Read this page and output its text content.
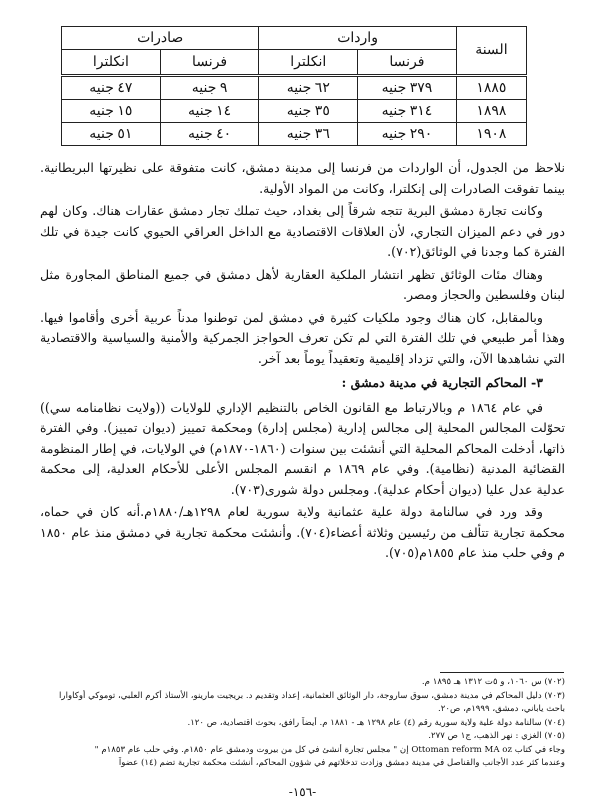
السنة	واردات		صادرات	
	فرنسا	انكلترا	فرنسا	انكلترا
١٨٨٥	٣٧٩ جنيه	٦٢ جنيه	٩ جنيه	٤٧ جنيه
١٨٩٨	٣١٤ جنيه	٣٥ جنيه	١٤ جنيه	١٥ جنيه
١٩٠٨	٢٩٠ جنيه	٣٦ جنيه	٤٠ جنيه	٥١ جنيه

نلاحظ من الجدول، أن الواردات من فرنسا إلى مدينة دمشق، كانت متفوقة على نظيرتها البريطانية. بينما تفوقت الصادرات إلى إنكلترا، وكانت من المواد الأولية.

وكانت تجارة دمشق البرية تتجه شرقاً إلى بغداد، حيث تملك تجار دمشق عقارات هناك. وكان لهم دور في دعم الميزان التجاري، لأن العلاقات الاقتصادية مع الداخل العراقي الحيوي كانت جيدة في تلك الفترة كما وجدنا في الوثائق(٧٠٢).

وهناك مئات الوثائق تظهر انتشار الملكية العقارية لأهل دمشق في جميع المناطق المجاورة مثل لبنان وفلسطين والحجاز ومصر.

وبالمقابل، كان هناك وجود ملكيات كثيرة في دمشق لمن توطنوا مدناً عربية أخرى وأقاموا فيها. وهذا أمر طبيعي في تلك الفترة التي لم تكن تعرف الحواجز الجمركية والأمنية والسياسية والاقتصادية التي نشاهدها الآن، والتي تزداد إقليمية وتعقيداً يوماً بعد آخر.

٣- المحاكم التجارية في مدينة دمشق :

في عام ١٨٦٤ م وبالارتباط مع القانون الخاص بالتنظيم الإداري للولايات ((ولايت نظامنامه سي)) تحوّلت المجالس المحلية إلى مجالس إدارية (مجلس إدارة) ومحكمة تمييز (ديوان تمييز). وفي الفترة ذاتها، أدخلت المحاكم المحلية التي أنشئت بين سنوات (١٨٦٠-١٨٧٠م) في الولايات، في إطار المنظومة القضائية المدنية (نظامية). وفي عام ١٨٦٩ م انقسم المجلس الأعلى للأحكام العدلية، إلى محكمة عدلية عدل عليا (ديوان أحكام عدلية). ومجلس دولة شورى(٧٠٣).

وقد ورد في سالنامة دولة علية عثمانية ولاية سورية لعام ١٢٩٨هـ/١٨٨٠م.أنه كان في حماه، محكمة تجارية تتألف من رئيسين وثلاثة أعضاء(٧٠٤). وأنشئت محكمة تجارية في دمشق منذ عام ١٨٥٠ م وفي حلب منذ عام ١٨٥٥م(٧٠٥).

(٧٠٢) س ١٠٦٠، و ٥ت ١٣١٢ هـ ١٨٩٥ م.
(٧٠٣) دليل المحاكم في مدينة دمشق، سوق ساروجة، دار الوثائق العثمانية، إعداد وتقديم د. بريجيت مارينو، الأستاذ أكرم العلبي، توموكي أوكاوارا باحث ياباني، دمشق، ١٩٩٩م، ص٢٠.
(٧٠٤) سالنامة دولة علية ولاية سورية رقم (٤) عام ١٢٩٨ هـ - ١٨٨١ م. أيضاً رافق، بحوث اقتصادية، ص ١٢٠.
(٧٠٥) الغزي : نهر الذهب، ج١ ص ٢٧٧.
وجاء في كتاب Ottoman reform MA oz إن " مجلس تجارة أنشئ في كل من بيروت ودمشق عام ١٨٥٠م. وفي حلب عام ١٨٥٣م "
وعندما كثر عدد الأجانب والقناصل في مدينة دمشق وزادت تدخلاتهم في شؤون المحاكم، أنشئت محكمة تجارية تضم (١٤) عضواً
-١٥٦-
